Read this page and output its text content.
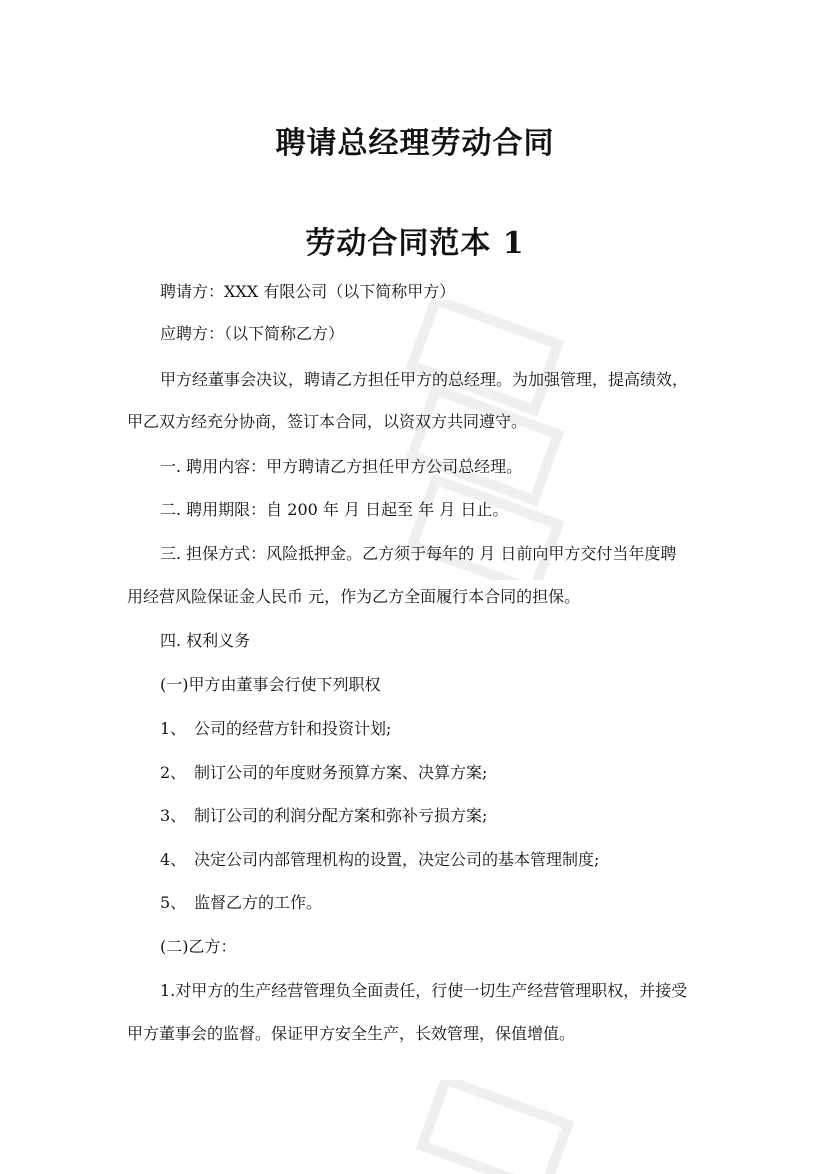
聘请总经理劳动合同
劳动合同范本 1

聘请方：XXX 有限公司（以下简称甲方）

应聘方：（以下简称乙方）

甲方经董事会决议，聘请乙方担任甲方的总经理。为加强管理，提高绩效，

甲乙双方经充分协商，签订本合同，以资双方共同遵守。

一. 聘用内容：甲方聘请乙方担任甲方公司总经理。

二. 聘用期限：自 200 年 月 日起至 年 月 日止。

三. 担保方式：风险抵押金。乙方须于每年的 月 日前向甲方交付当年度聘

用经营风险保证金人民币 元，作为乙方全面履行本合同的担保。

四. 权利义务

(一)甲方由董事会行使下列职权

1、 公司的经营方针和投资计划;

2、 制订公司的年度财务预算方案、决算方案;

3、 制订公司的利润分配方案和弥补亏损方案;

4、 决定公司内部管理机构的设置，决定公司的基本管理制度;

5、 监督乙方的工作。

(二)乙方：

1.对甲方的生产经营管理负全面责任，行使一切生产经营管理职权，并接受

甲方董事会的监督。保证甲方安全生产，长效管理，保值增值。
